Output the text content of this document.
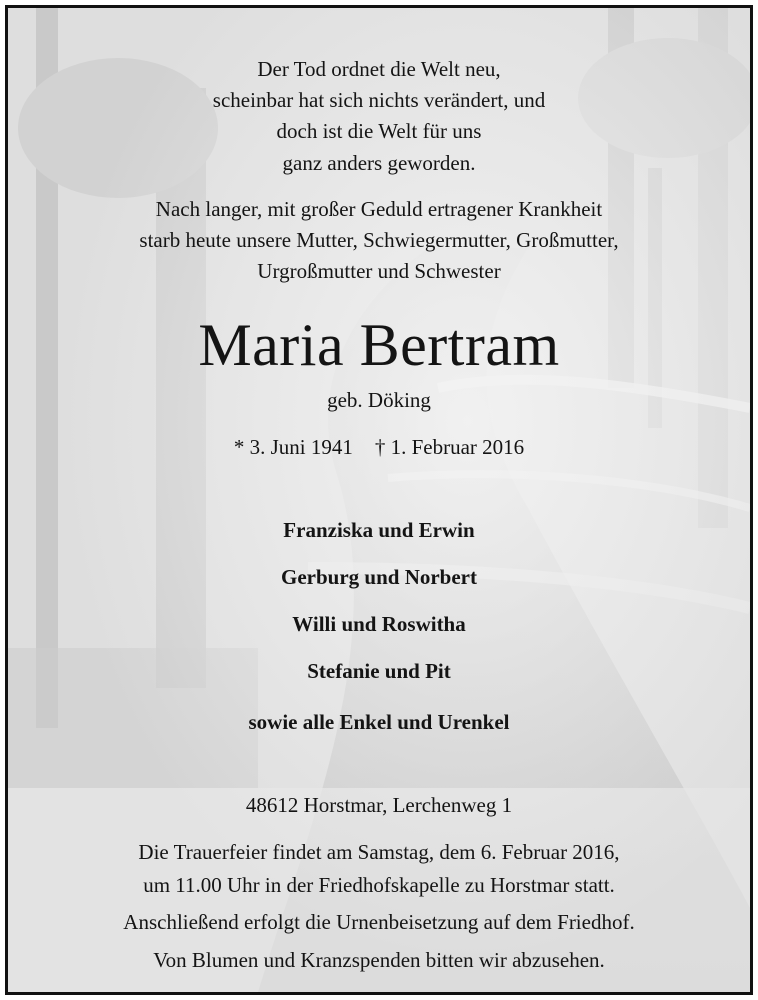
Der Tod ordnet die Welt neu,
scheinbar hat sich nichts verändert, und
doch ist die Welt für uns
ganz anders geworden.
Nach langer, mit großer Geduld ertragener Krankheit
starb heute unsere Mutter, Schwiegermutter, Großmutter,
Urgroßmutter und Schwester
Maria Bertram
geb. Döking
* 3. Juni 1941 † 1. Februar 2016
Franziska und Erwin
Gerburg und Norbert
Willi und Roswitha
Stefanie und Pit
sowie alle Enkel und Urenkel
48612 Horstmar, Lerchenweg 1
Die Trauerfeier findet am Samstag, dem 6. Februar 2016,
um 11.00 Uhr in der Friedhofskapelle zu Horstmar statt.
Anschließend erfolgt die Urnenbeisetzung auf dem Friedhof.
Von Blumen und Kranzspenden bitten wir abzusehen.
